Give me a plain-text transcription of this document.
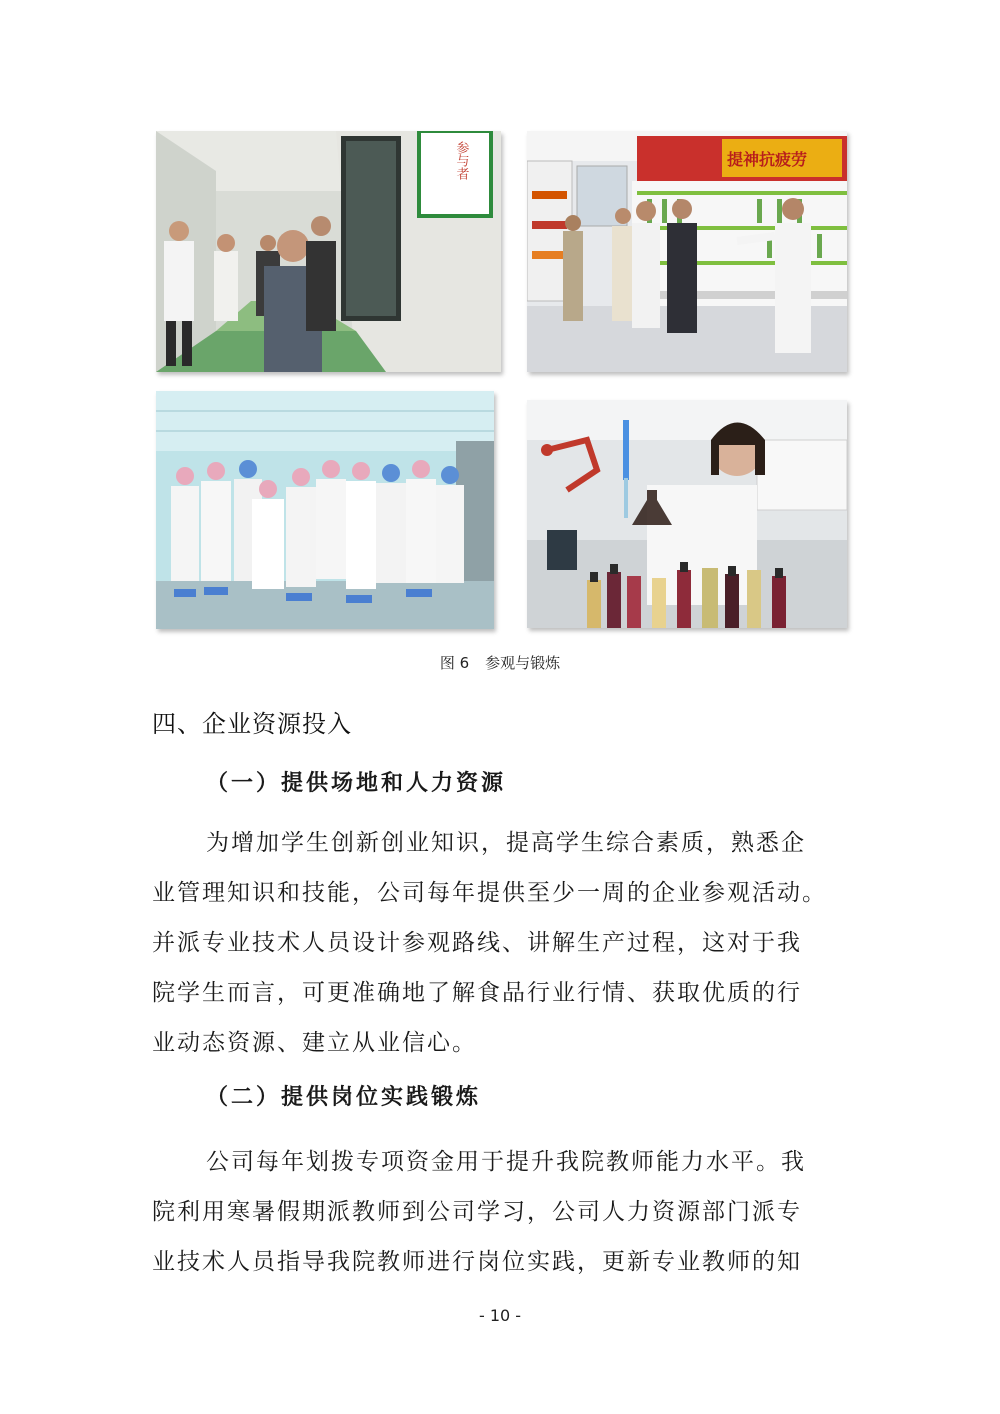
参与者	提神抗疲劳
图 6 参观与锻炼
四、企业资源投入
（一）提供场地和人力资源
为增加学生创新创业知识，提高学生综合素质，熟悉企
业管理知识和技能，公司每年提供至少一周的企业参观活动。
并派专业技术人员设计参观路线、讲解生产过程，这对于我
院学生而言，可更准确地了解食品行业行情、获取优质的行
业动态资源、建立从业信心。
（二）提供岗位实践锻炼
公司每年划拨专项资金用于提升我院教师能力水平。我
院利用寒暑假期派教师到公司学习，公司人力资源部门派专
业技术人员指导我院教师进行岗位实践，更新专业教师的知
- 10 -
